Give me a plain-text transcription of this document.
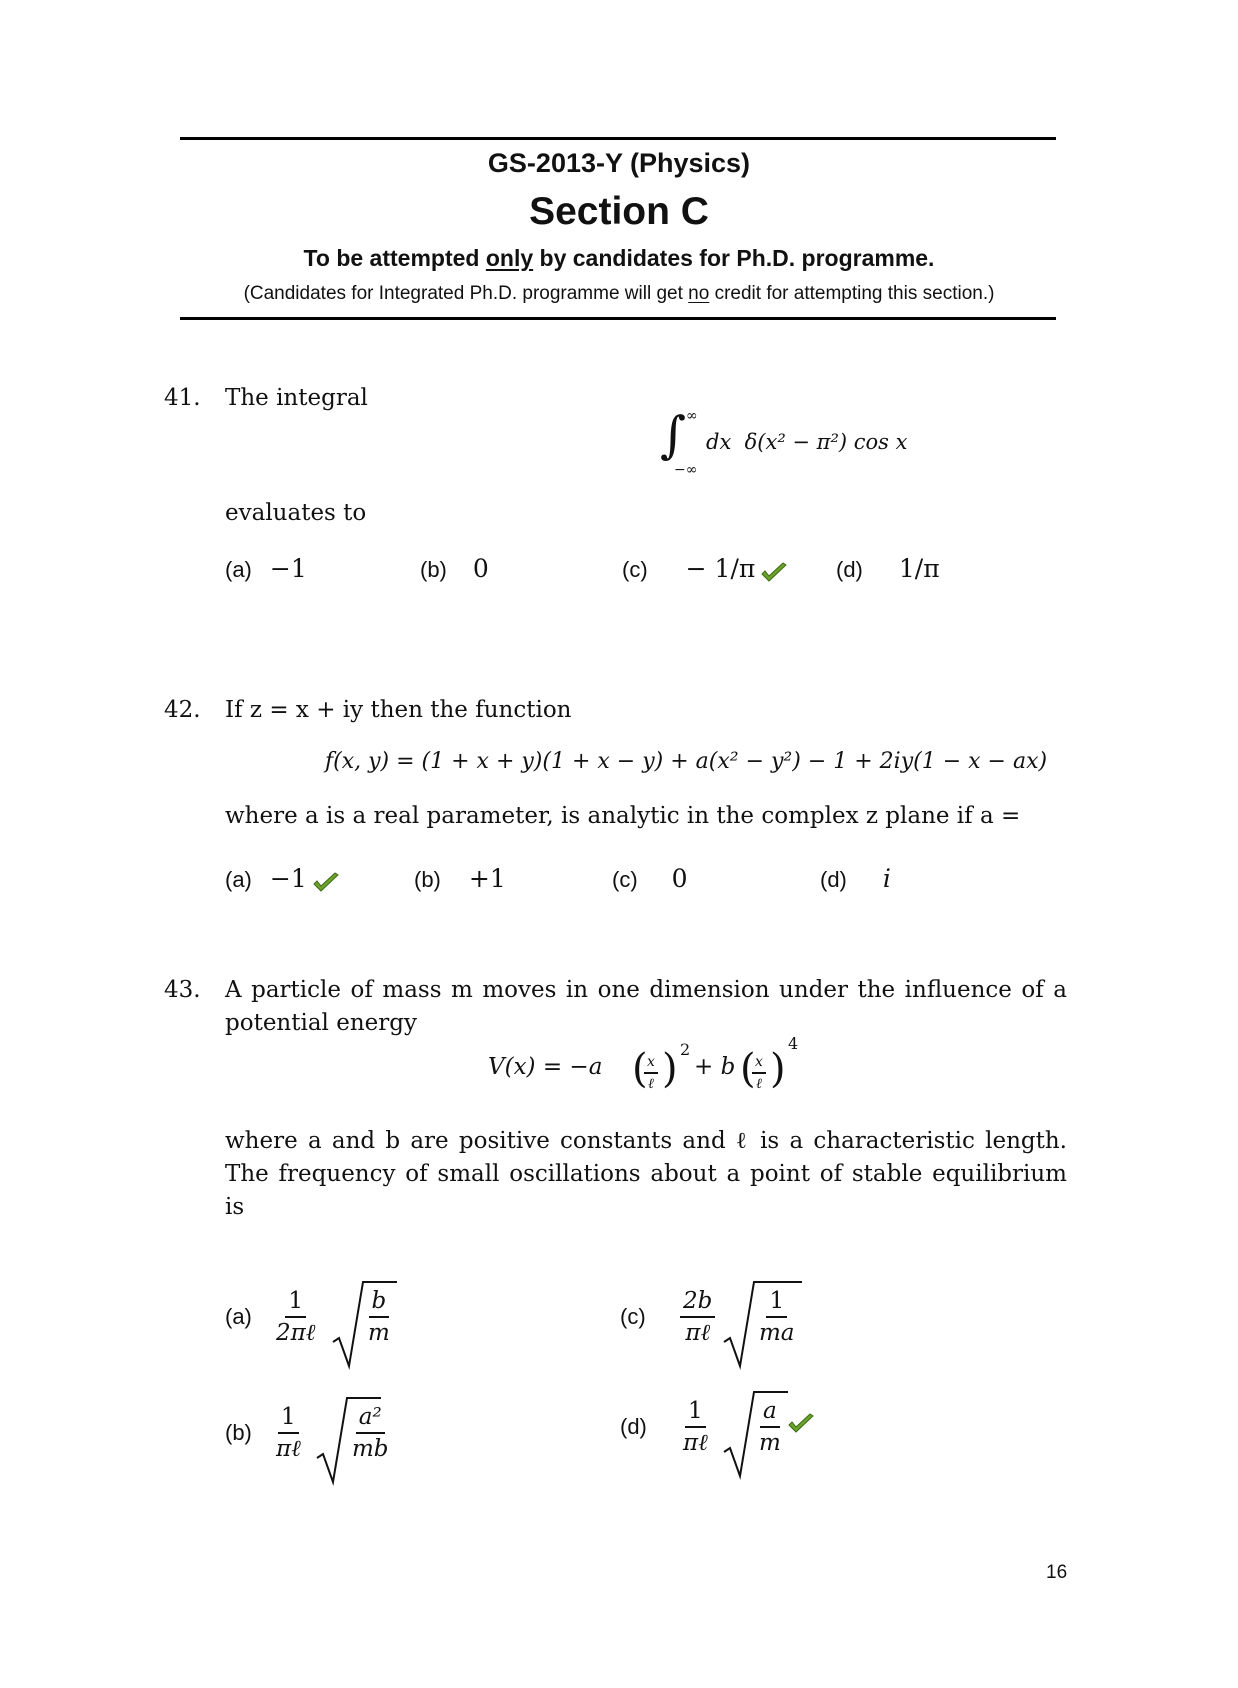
GS-2013-Y (Physics)
Section C
To be attempted only by candidates for Ph.D. programme.
(Candidates for Integrated Ph.D. programme will get no credit for attempting this section.)
41. The integral
∫ ∞
−∞
dx  δ(x² − π²) cos x
evaluates to
(a) −1	(b) 0	(c) − 1/π	(d) 1/π
42. If z = x + iy then the function
f(x, y) = (1 + x + y)(1 + x − y) + a(x² − y²) − 1 + 2iy(1 − x − ax)
where a is a real parameter, is analytic in the complex z plane if a =
(a) −1	(b) +1	(c) 0	(d) i
43. A particle of mass m moves in one dimension under the influence of a
potential energy
V(x) = −a ( x
ℓ ) 2
+ b ( x
ℓ )
4
where a and b are positive constants and ℓ is a characteristic length.
The frequency of small oscillations about a point of stable equilibrium
is
(a)
1
2πℓ $\frac{b}{m}$
(b)
1
πℓ $\frac{\text{a²}}{mb}$
(c)
2b
πℓ $\frac{1}{ma}$
(d)
1
πℓ $\frac{a}{m}$
16
